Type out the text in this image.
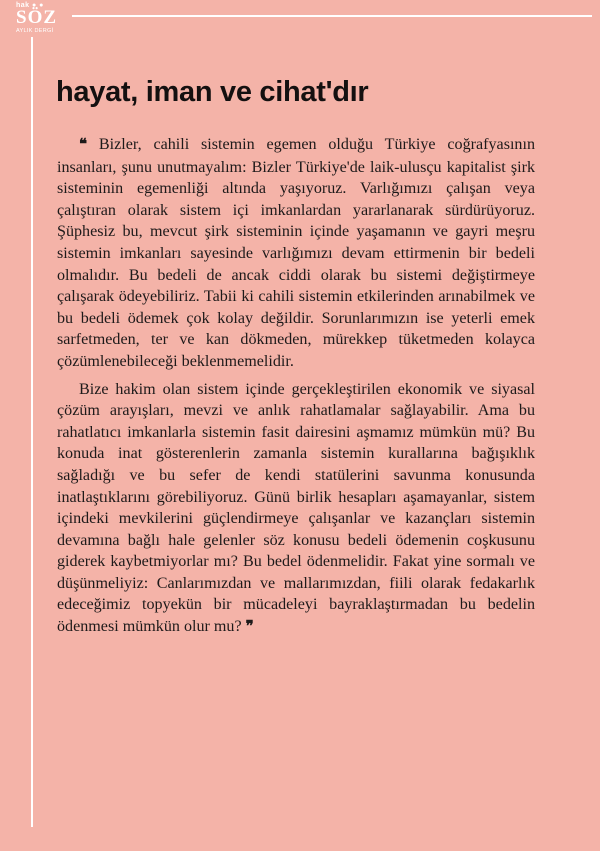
hak ● ●
SÖZ
AYLIK DERGİ
hayat, iman ve cihat'dır

❝ Bizler, cahili sistemin egemen olduğu Türkiye coğrafyasının insanları, şunu unutmayalım: Bizler Türkiye'de laik-ulusçu kapitalist şirk sisteminin egemenliği altında yaşıyoruz. Varlığımızı çalışan veya çalıştıran olarak sistem içi imkanlardan yararlanarak sürdürüyoruz. Şüphesiz bu, mevcut şirk sisteminin içinde yaşamanın ve gayri meşru sistemin imkanları sayesinde varlığımızı devam ettirmenin bir bedeli olmalıdır. Bu bedeli de ancak ciddi olarak bu sistemi değiştirmeye çalışarak ödeyebiliriz. Tabii ki cahili sistemin etkilerinden arınabilmek ve bu bedeli ödemek çok kolay değildir. Sorunlarımızın ise yeterli emek sarfetmeden, ter ve kan dökmeden, mürekkep tüketmeden kolayca çözümlenebileceği beklenmemelidir.

Bize hakim olan sistem içinde gerçekleştirilen ekonomik ve siyasal çözüm arayışları, mevzi ve anlık rahatlamalar sağlayabilir. Ama bu rahatlatıcı imkanlarla sistemin fasit dairesini aşmamız mümkün mü? Bu konuda inat gösterenlerin zamanla sistemin kurallarına bağışıklık sağladığı ve bu sefer de kendi statülerini savunma konusunda inatlaştıklarını görebiliyoruz. Günü birlik hesapları aşamayanlar, sistem içindeki mevkilerini güçlendirmeye çalışanlar ve kazançları sistemin devamına bağlı hale gelenler söz konusu bedeli ödemenin coşkusunu giderek kaybetmiyorlar mı? Bu bedel ödenmelidir. Fakat yine sormalı ve düşünmeliyiz: Canlarımızdan ve mallarımızdan, fiili olarak fedakarlık edeceğimiz topyekün bir mücadeleyi bayraklaştırmadan bu bedelin ödenmesi mümkün olur mu? ❞
